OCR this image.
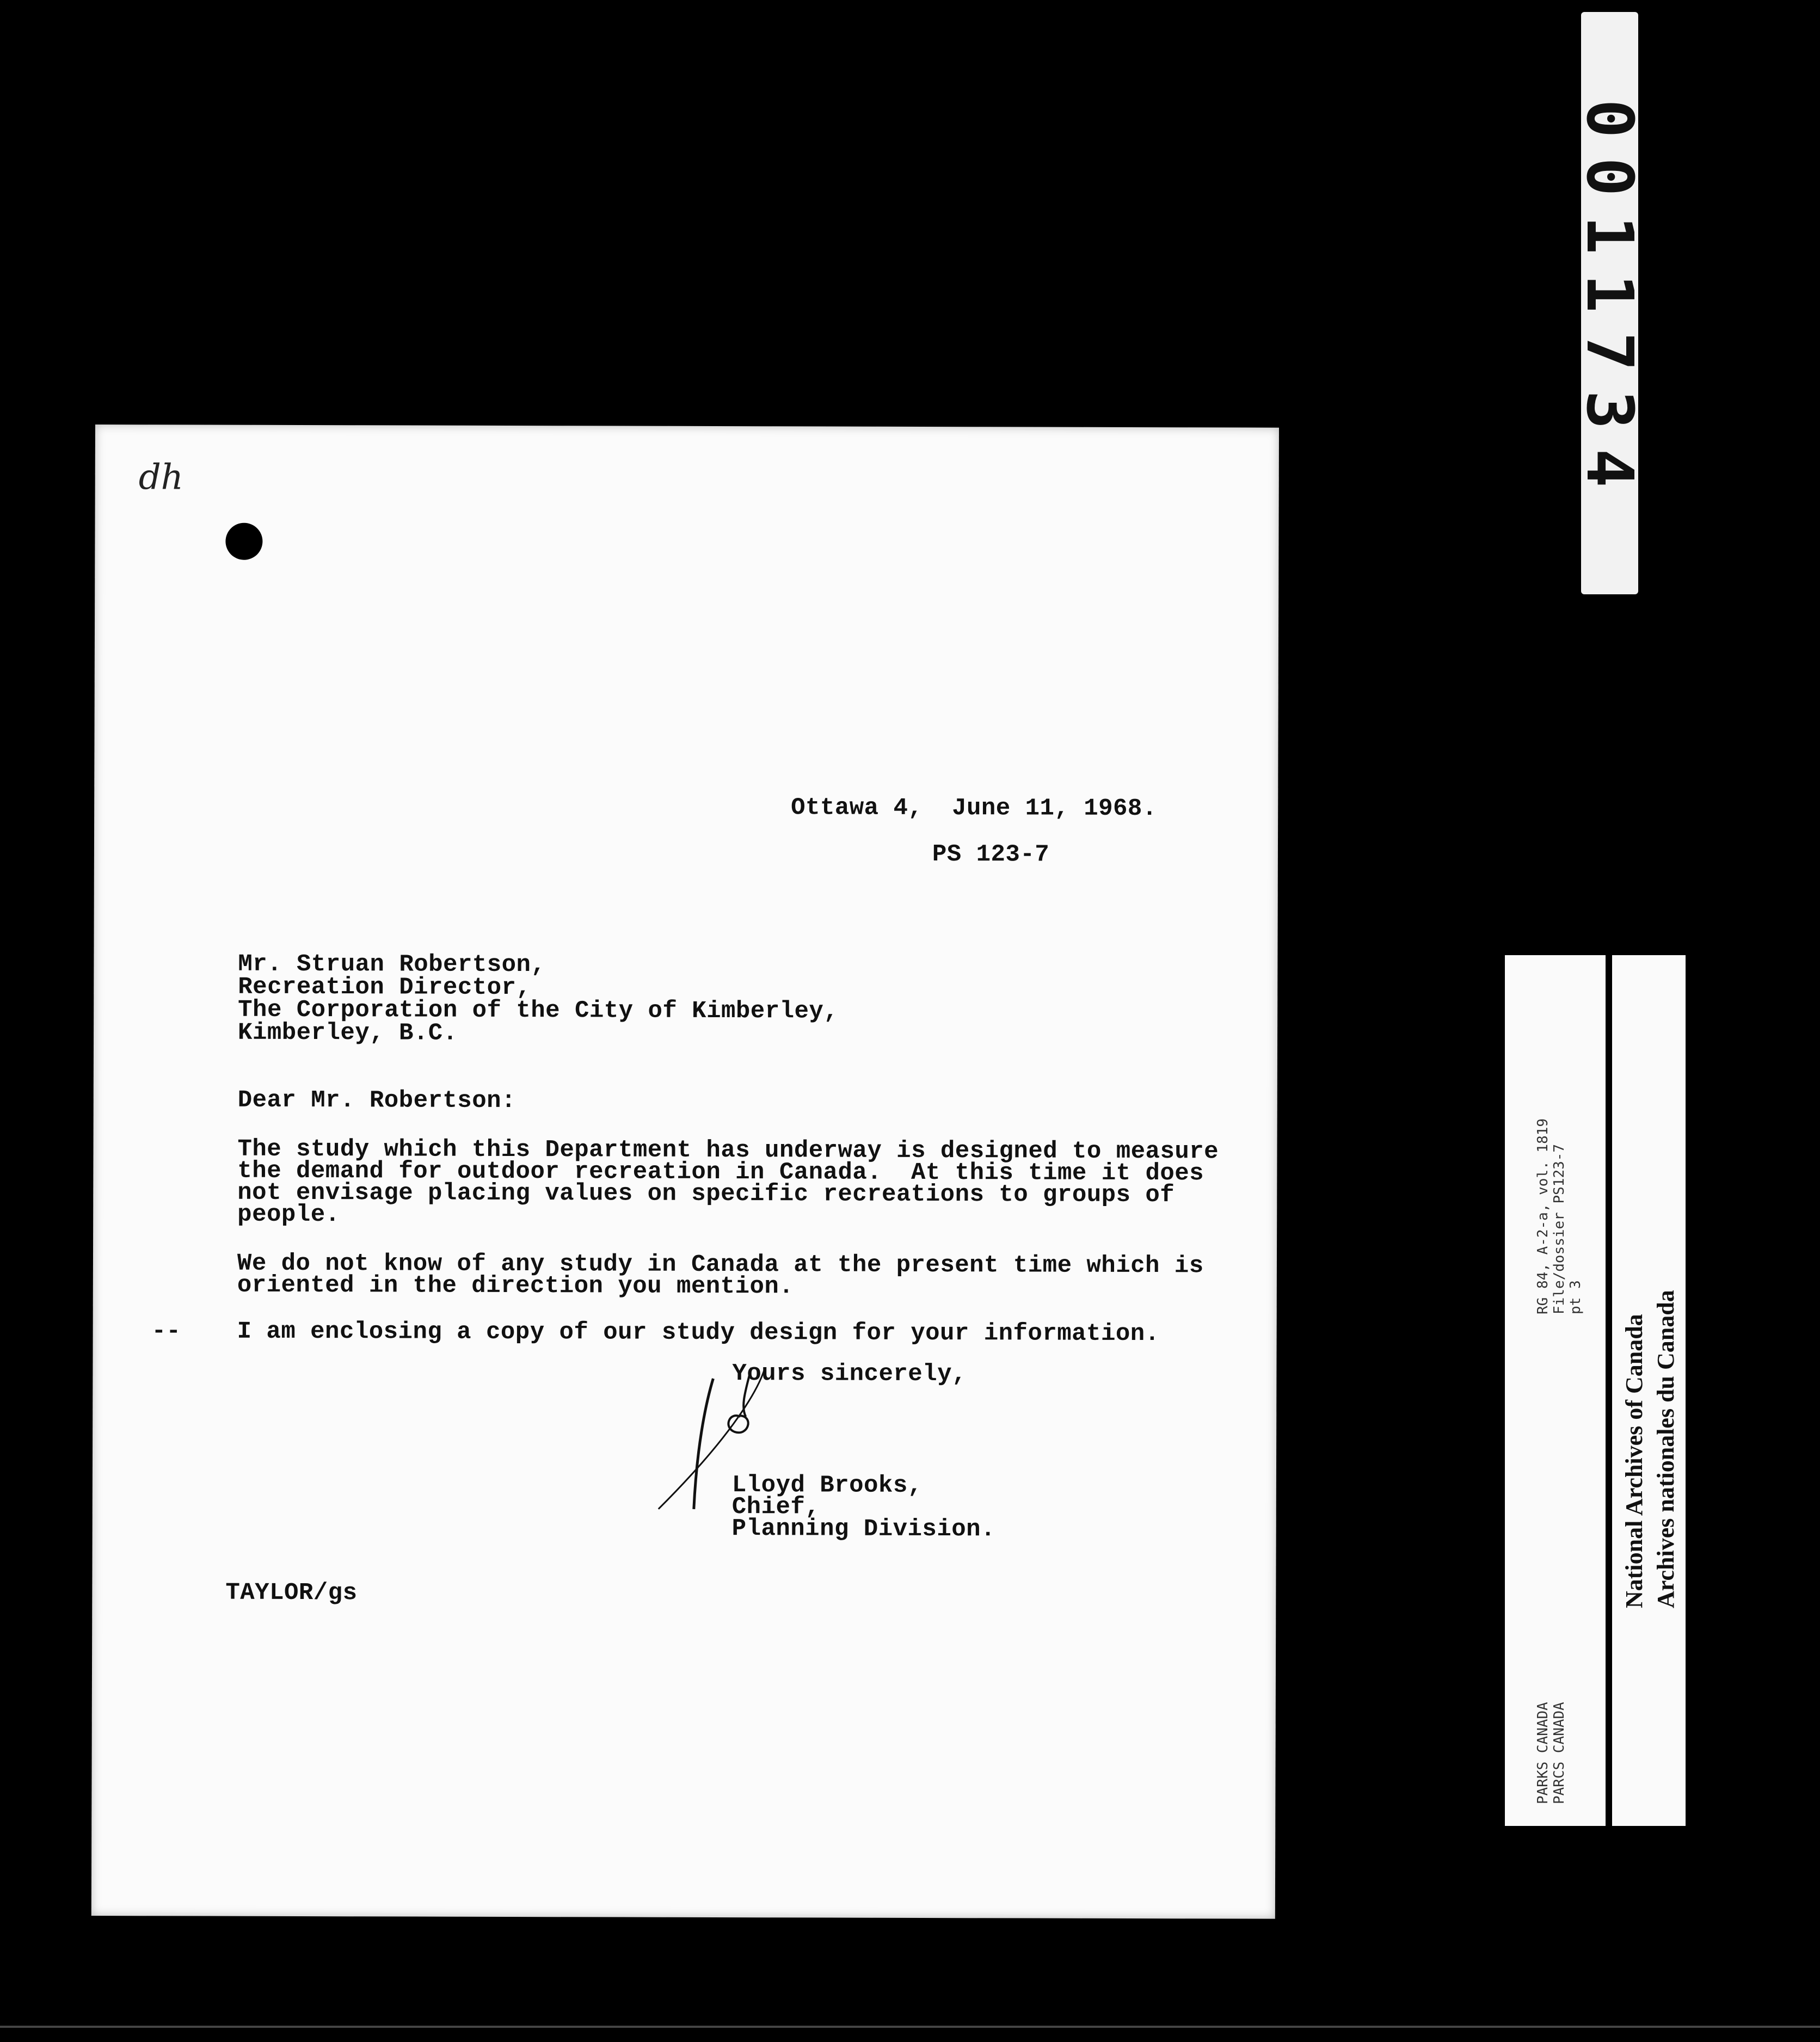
dh
Ottawa 4,  June 11, 1968.
PS 123-7
Mr. Struan Robertson,
Recreation Director,
The Corporation of the City of Kimberley,
Kimberley, B.C.
Dear Mr. Robertson:
The study which this Department has underway is designed to measure
the demand for outdoor recreation in Canada.  At this time it does
not envisage placing values on specific recreations to groups of
people.
We do not know of any study in Canada at the present time which is
oriented in the direction you mention.
-- I am enclosing a copy of our study design for your information.
Yours sincerely,
Lloyd Brooks,
Chief,
Planning Division.
TAYLOR/gs
0011734
PARKS CANADA PARCS CANADA
RG 84, A-2-a, vol. 1819 File/dossier PS123-7 pt 3
National Archives of Canada Archives nationales du Canada
